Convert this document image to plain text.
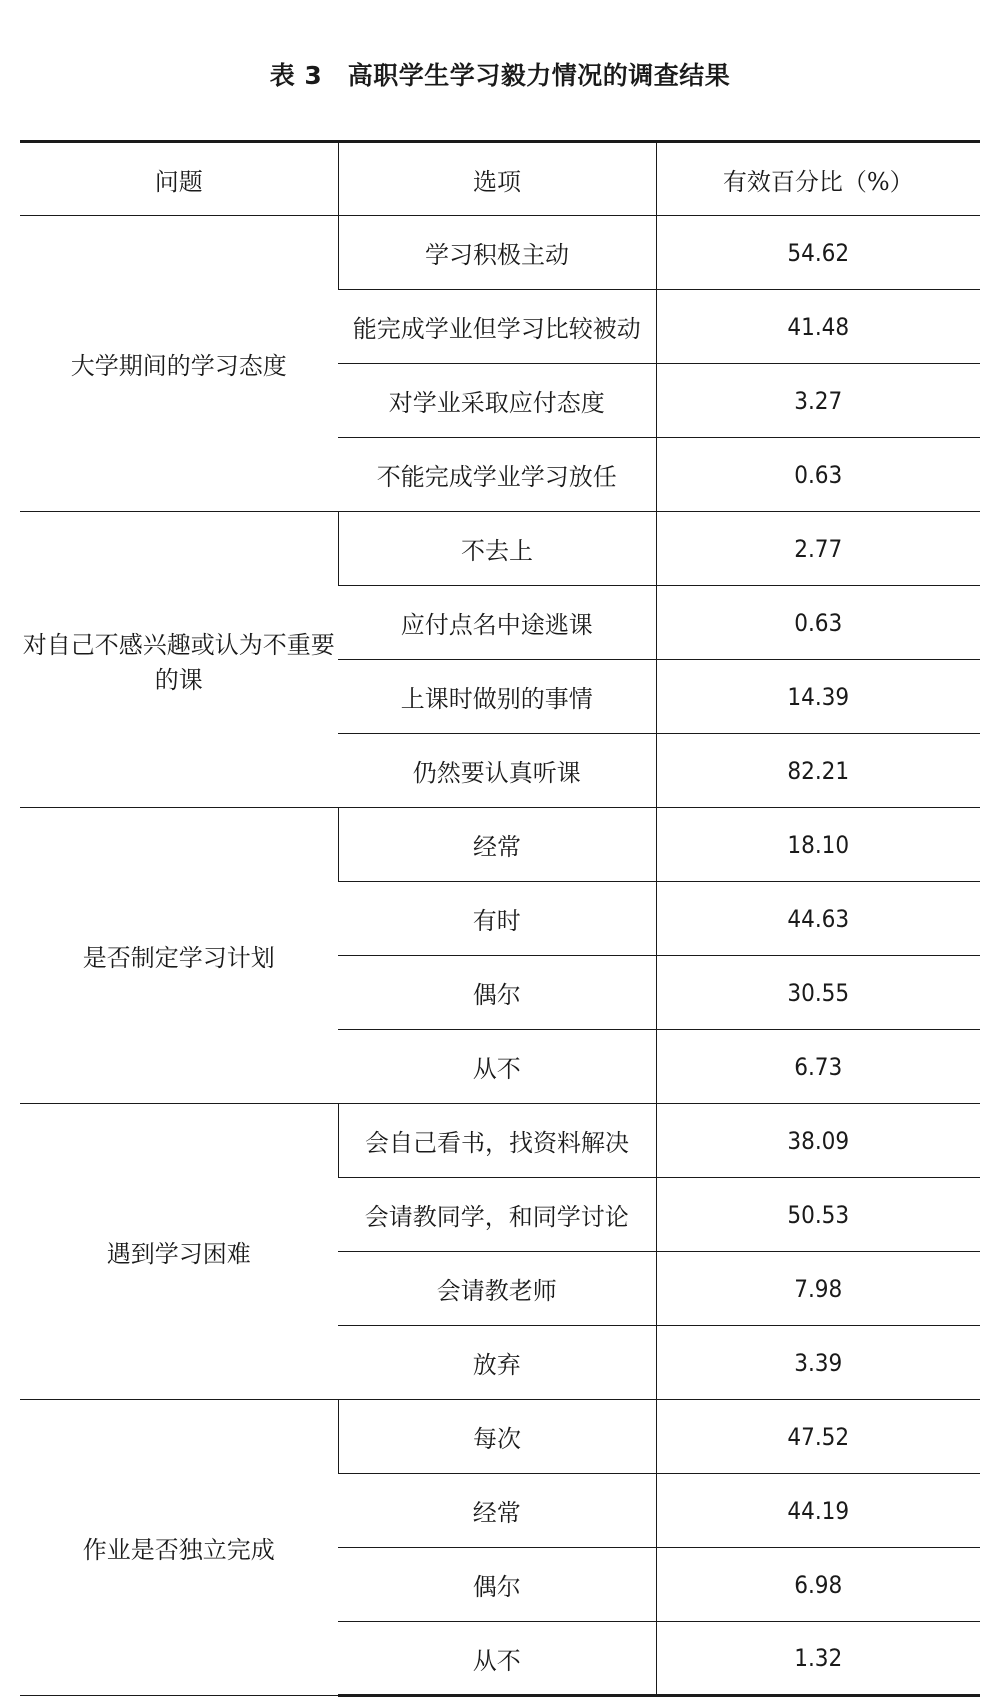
表 3　高职学生学习毅力情况的调查结果
问题	选项	有效百分比（%）
大学期间的学习态度	学习积极主动	54.62
	能完成学业但学习比较被动	41.48
	对学业采取应付态度	3.27
	不能完成学业学习放任	0.63
对自己不感兴趣或认为不重要的课	不去上	2.77
	应付点名中途逃课	0.63
	上课时做别的事情	14.39
	仍然要认真听课	82.21
是否制定学习计划	经常	18.10
	有时	44.63
	偶尔	30.55
	从不	6.73
遇到学习困难	会自己看书，找资料解决	38.09
	会请教同学，和同学讨论	50.53
	会请教老师	7.98
	放弃	3.39
作业是否独立完成	每次	47.52
	经常	44.19
	偶尔	6.98
	从不	1.32
